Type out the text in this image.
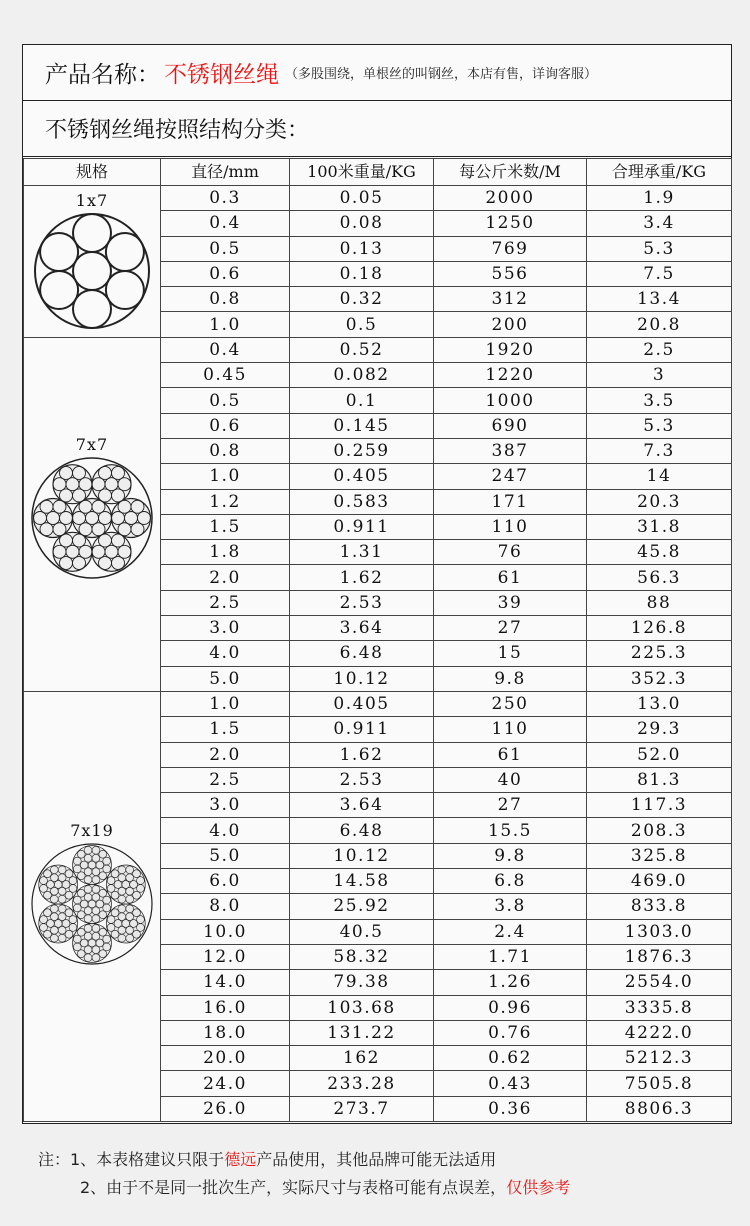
产品名称： 不锈钢丝绳 （多股围绕，单根丝的叫钢丝，本店有售，详询客服）
不锈钢丝绳按照结构分类：
规格	直径/mm	100米重量/KG	每公斤米数/M	合理承重/KG

1x7	0.3	0.05	2000	1.9
	0.4	0.08	1250	3.4
	0.5	0.13	769	5.3
	0.6	0.18	556	7.5
	0.8	0.32	312	13.4
	1.0	0.5	200	20.8

7x7	0.4	0.52	1920	2.5
	0.45	0.082	1220	3
	0.5	0.1	1000	3.5
	0.6	0.145	690	5.3
	0.8	0.259	387	7.3
	1.0	0.405	247	14
	1.2	0.583	171	20.3
	1.5	0.911	110	31.8
	1.8	1.31	76	45.8
	2.0	1.62	61	56.3
	2.5	2.53	39	88
	3.0	3.64	27	126.8
	4.0	6.48	15	225.3
	5.0	10.12	9.8	352.3

7x19	1.0	0.405	250	13.0
	1.5	0.911	110	29.3
	2.0	1.62	61	52.0
	2.5	2.53	40	81.3
	3.0	3.64	27	117.3
	4.0	6.48	15.5	208.3
	5.0	10.12	9.8	325.8
	6.0	14.58	6.8	469.0
	8.0	25.92	3.8	833.8
	10.0	40.5	2.4	1303.0
	12.0	58.32	1.71	1876.3
	14.0	79.38	1.26	2554.0
	16.0	103.68	0.96	3335.8
	18.0	131.22	0.76	4222.0
	20.0	162	0.62	5212.3
	24.0	233.28	0.43	7505.8
	26.0	273.7	0.36	8806.3
注：1、本表格建议只限于德远产品使用，其他品牌可能无法适用
2、由于不是同一批次生产，实际尺寸与表格可能有点误差，仅供参考
